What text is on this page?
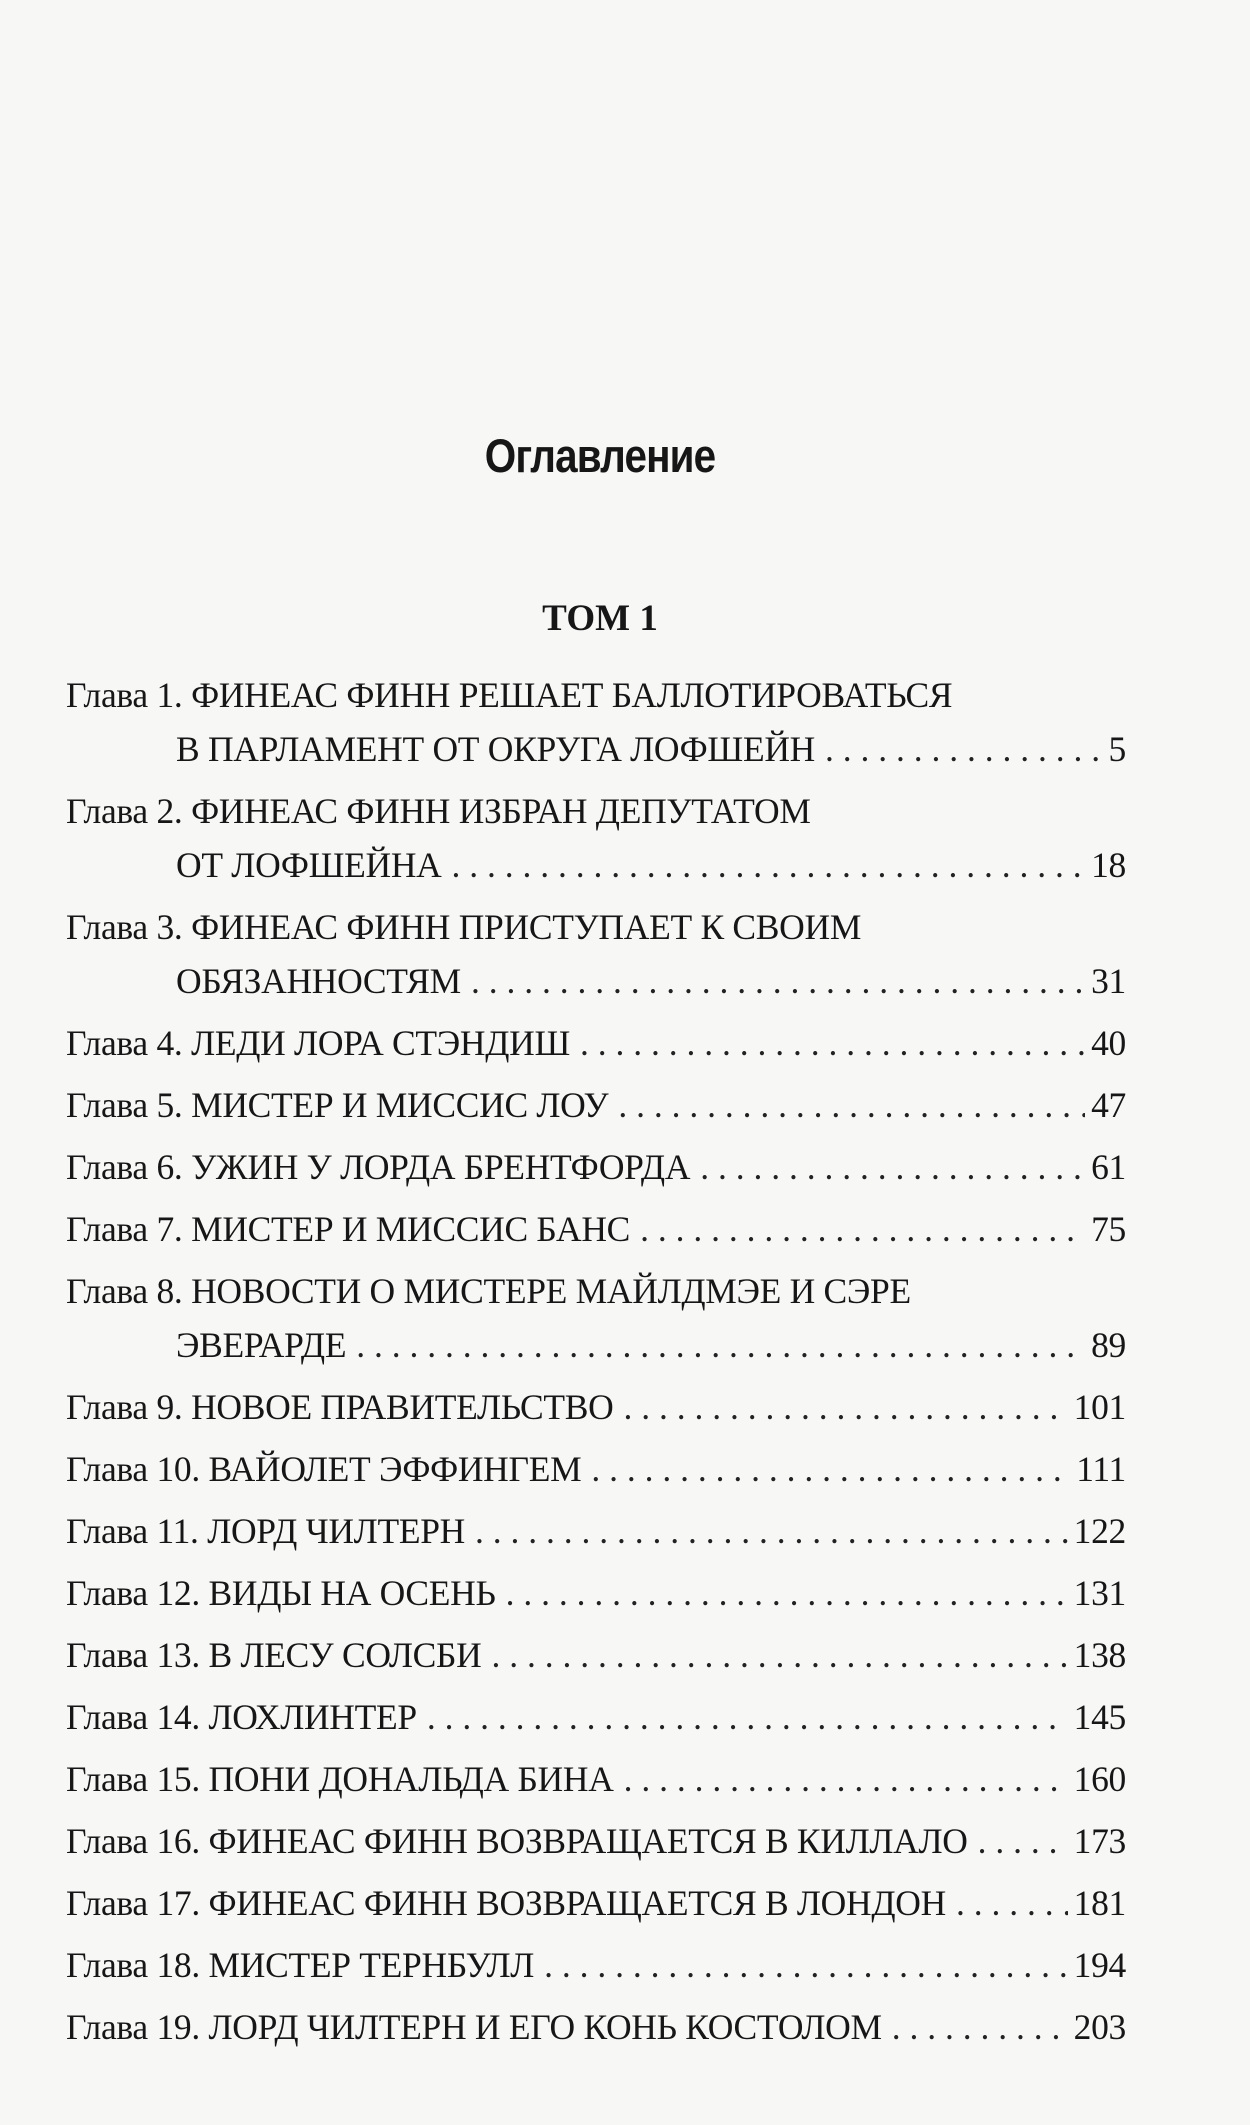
Оглавление
ТОМ 1
Глава 1. ФИНЕАС ФИНН РЕШАЕТ БАЛЛОТИРОВАТЬСЯ
В ПАРЛАМЕНТ ОТ ОКРУГА ЛОФШЕЙН . . .	5
Глава 2. ФИНЕАС ФИНН ИЗБРАН ДЕПУТАТОМ
ОТ ЛОФШЕЙНА . . .	18
Глава 3. ФИНЕАС ФИНН ПРИСТУПАЕТ К СВОИМ
ОБЯЗАННОСТЯМ . . .	31
Глава 4. ЛЕДИ ЛОРА СТЭНДИШ . . .	40
Глава 5. МИСТЕР И МИССИС ЛОУ . . .	47
Глава 6. УЖИН У ЛОРДА БРЕНТФОРДА . . .	61
Глава 7. МИСТЕР И МИССИС БАНС . . .	75
Глава 8. НОВОСТИ О МИСТЕРЕ МАЙЛДМЭЕ И СЭРЕ
ЭВЕРАРДЕ . . .	89
Глава 9. НОВОЕ ПРАВИТЕЛЬСТВО . . .	101
Глава 10. ВАЙОЛЕТ ЭФФИНГЕМ . . .	111
Глава 11. ЛОРД ЧИЛТЕРН . . .	122
Глава 12. ВИДЫ НА ОСЕНЬ . . .	131
Глава 13. В ЛЕСУ СОЛСБИ . . .	138
Глава 14. ЛОХЛИНТЕР . . .	145
Глава 15. ПОНИ ДОНАЛЬДА БИНА . . .	160
Глава 16. ФИНЕАС ФИНН ВОЗВРАЩАЕТСЯ В КИЛЛАЛО . . .	173
Глава 17. ФИНЕАС ФИНН ВОЗВРАЩАЕТСЯ В ЛОНДОН . . .	181
Глава 18. МИСТЕР ТЕРНБУЛЛ . . .	194
Глава 19. ЛОРД ЧИЛТЕРН И ЕГО КОНЬ КОСТОЛОМ . . .	203
